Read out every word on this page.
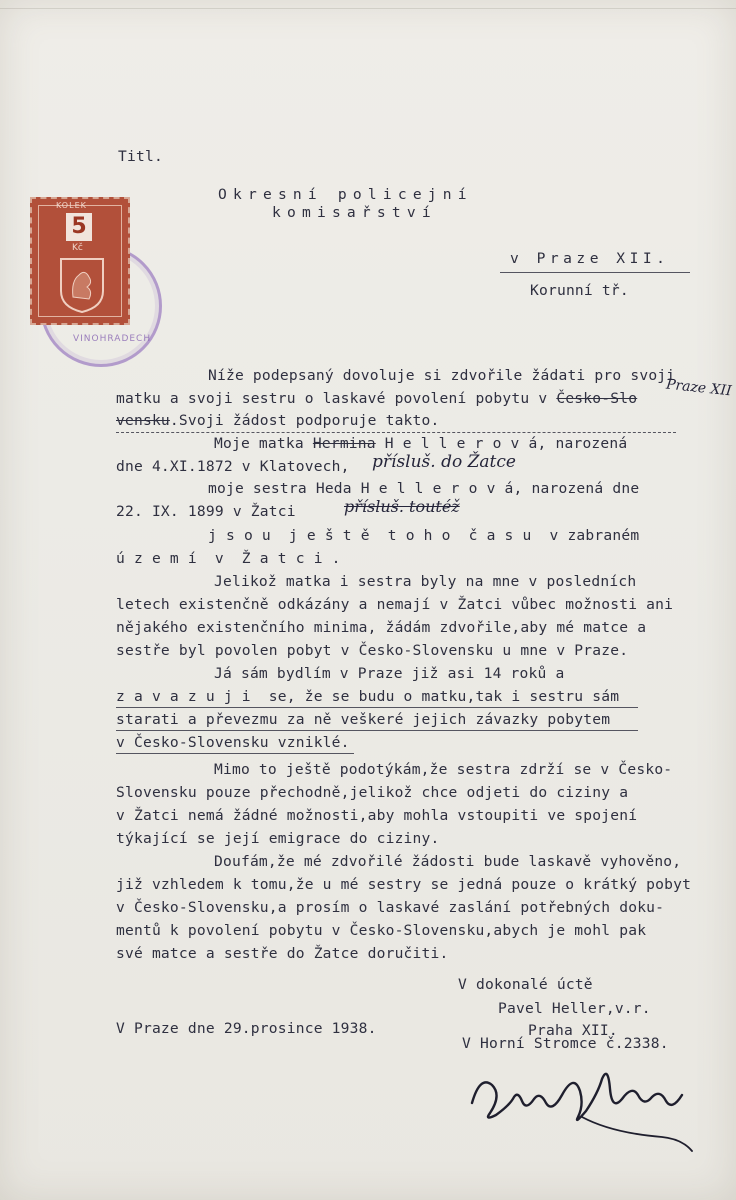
VINOHRADECH
KOLEK
5
Kč
Titl.
Okresní policejní
komisařství
v Praze XII.
Korunní tř.
Níže podepsaný dovoluje si zdvořile žádati pro svoji
matku a svoji sestru o laskavé povolení pobytu v Česko-Slo Praze XII
vensku.Svoji žádost podporuje takto.
Moje matka Hermina H e l l e r o v á, narozená
dne 4.XI.1872 v Klatovech, přísluš. do Žatce
moje sestra Heda H e l l e r o v á, narozená dne
22. IX. 1899 v Žatci	přísluš. toutéž
j s o u  j e š t ě  t o h o  č a s u  v zabraném
ú z e m í  v  Ž a t c i .
Jelikož matka i sestra byly na mne v posledních
letech existenčně odkázány a nemají v Žatci vůbec možnosti ani
nějakého existenčního minima, žádám zdvořile,aby mé matce a
sestře byl povolen pobyt v Česko-Slovensku u mne v Praze.
Já sám bydlím v Praze již asi 14 roků a
z a v a z u j i  se, že se budu o matku,tak i sestru sám
starati a převezmu za ně veškeré jejich závazky pobytem
v Česko-Slovensku vzniklé.
Mimo to ještě podotýkám,že sestra zdrží se v Česko-
Slovensku pouze přechodně,jelikož chce odjeti do ciziny a
v Žatci nemá žádné možnosti,aby mohla vstoupiti ve spojení
týkající se její emigrace do ciziny.
Doufám,že mé zdvořilé žádosti bude laskavě vyhověno,
již vzhledem k tomu,že u mé sestry se jedná pouze o krátký pobyt
v Česko-Slovensku,a prosím o laskavé zaslání potřebných doku-
mentů k povolení pobytu v Česko-Slovensku,abych je mohl pak
své matce a sestře do Žatce doručiti.
V dokonalé úctě
Pavel Heller,v.r.
V Praze dne 29.prosince 1938.	Praha XII.
V Horní Stromce č.2338.
